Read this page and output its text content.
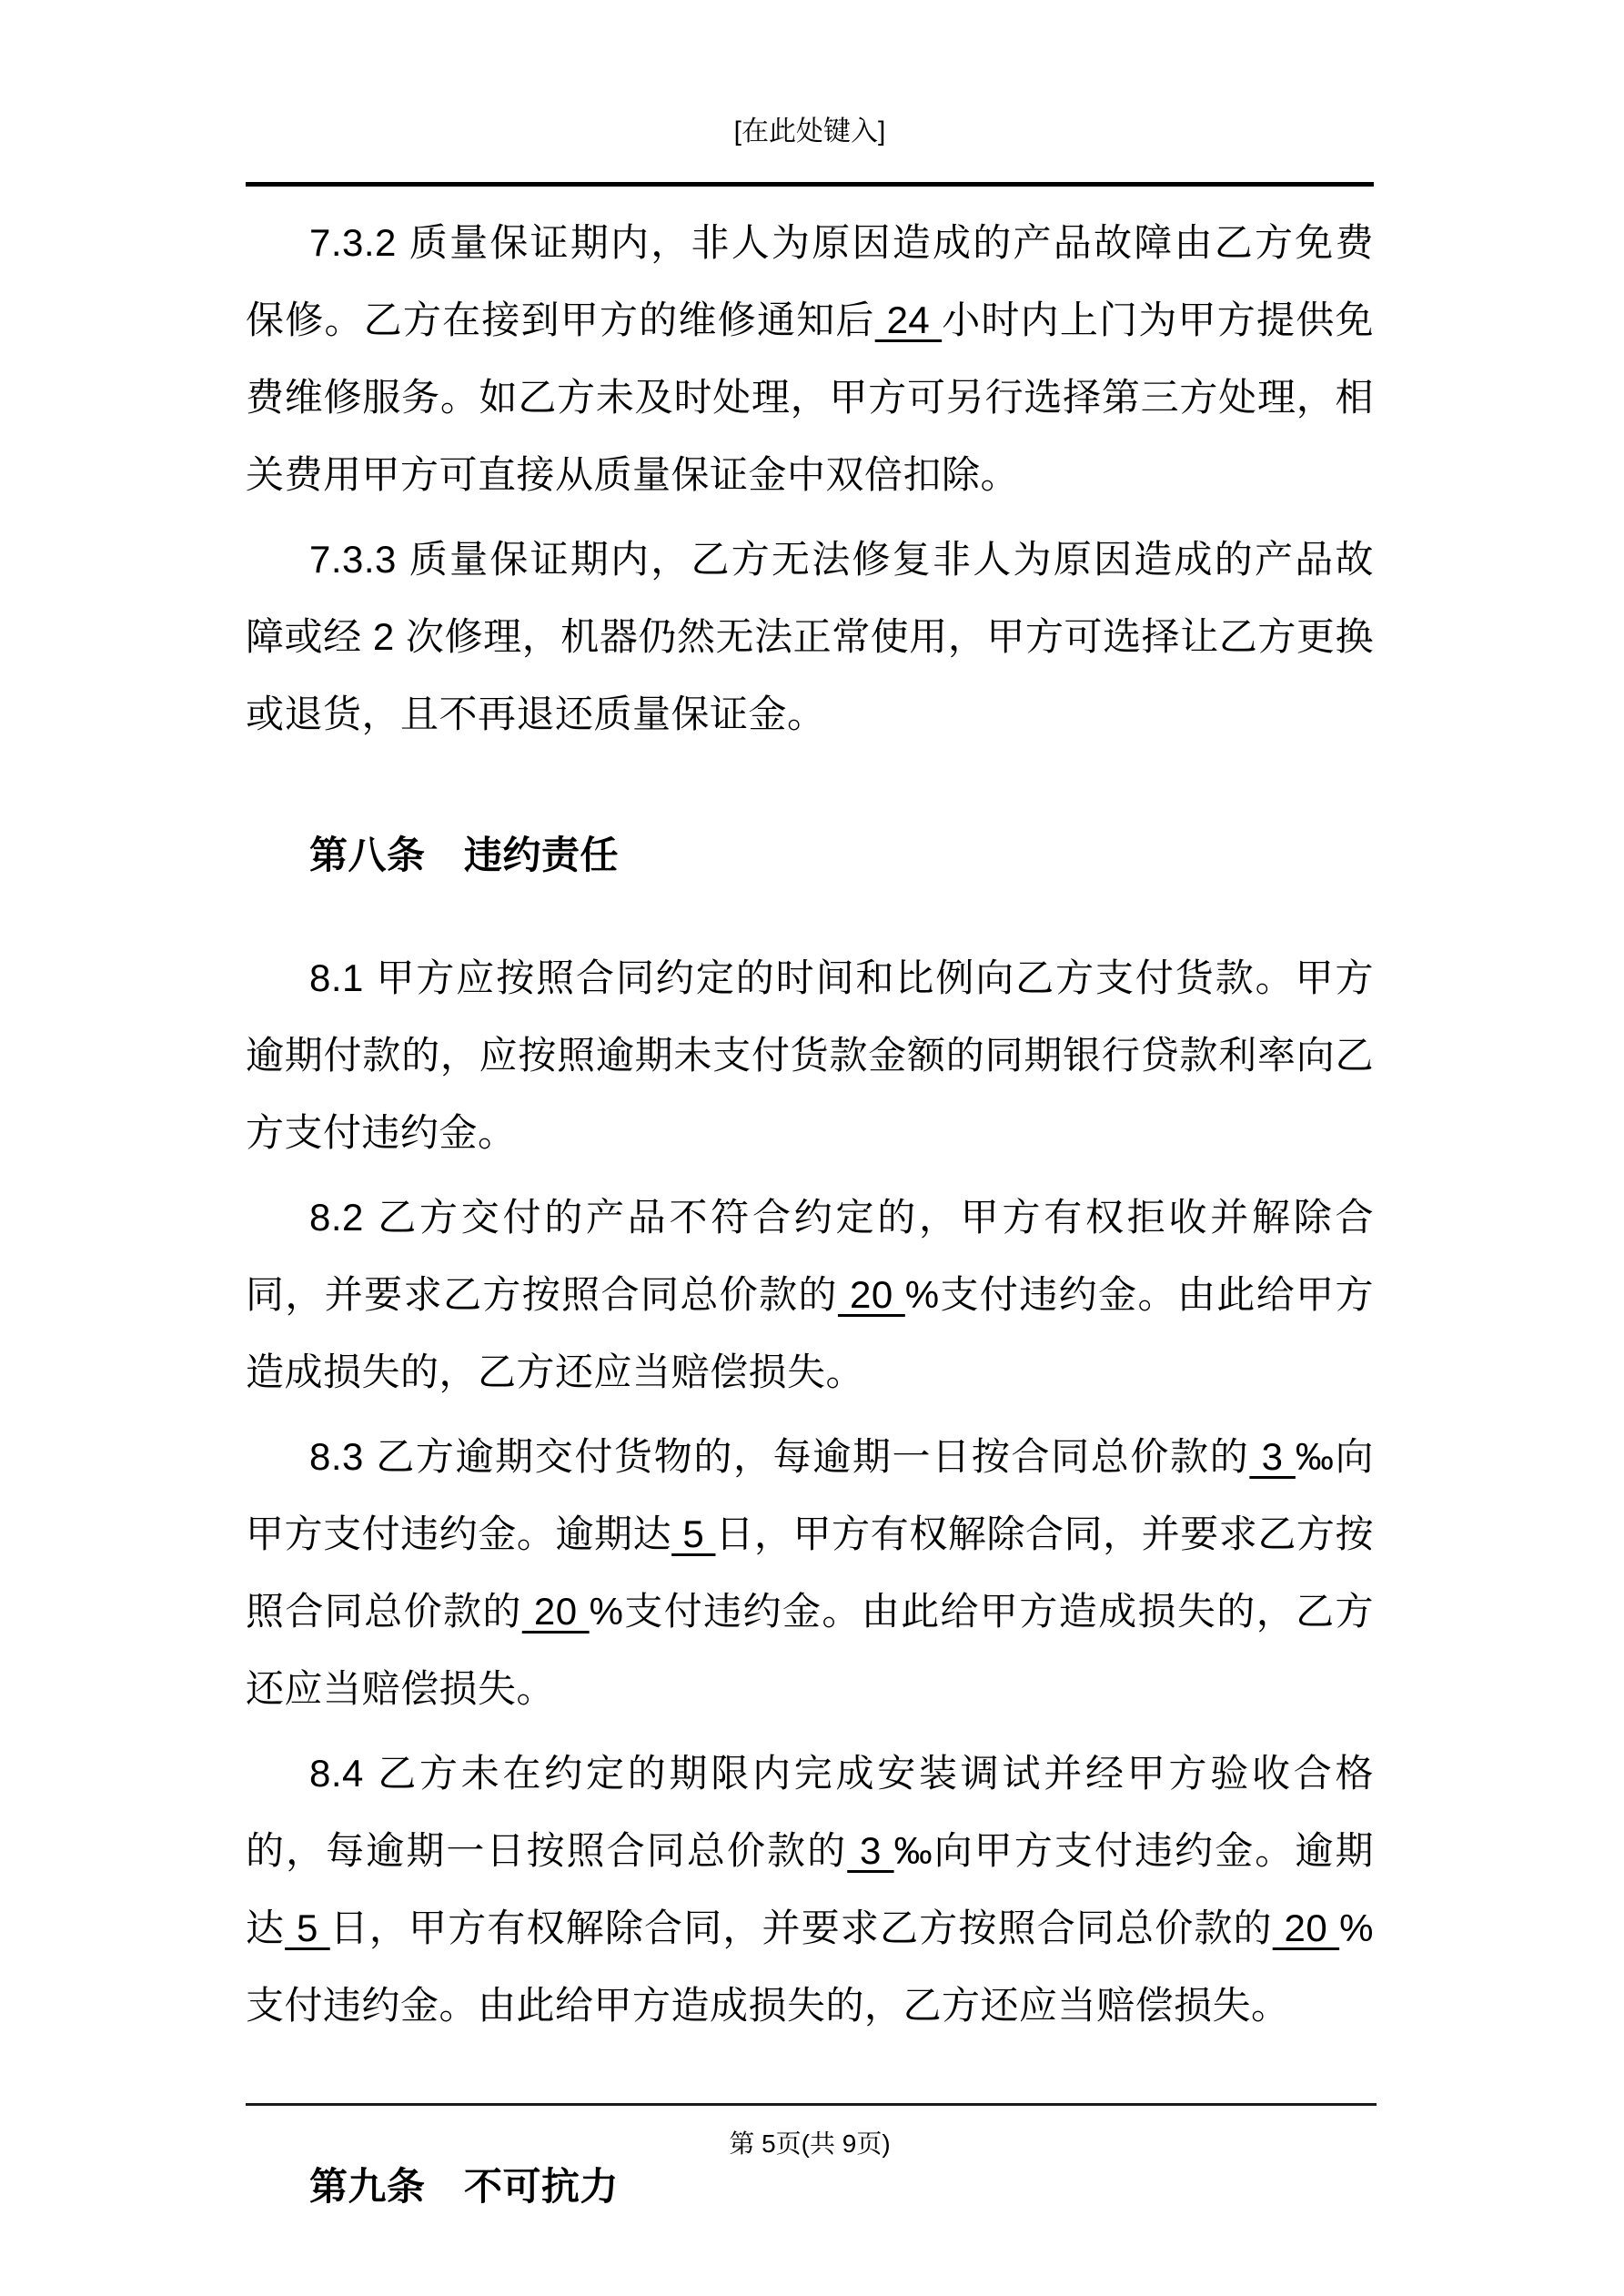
[在此处键入]
7.3.2 质量保证期内，非人为原因造成的产品故障由乙方免费保修。乙方在接到甲方的维修通知后 24 小时内上门为甲方提供免费维修服务。如乙方未及时处理，甲方可另行选择第三方处理，相关费用甲方可直接从质量保证金中双倍扣除。
7.3.3 质量保证期内，乙方无法修复非人为原因造成的产品故障或经 2 次修理，机器仍然无法正常使用，甲方可选择让乙方更换或退货，且不再退还质量保证金。
第八条　违约责任
8.1 甲方应按照合同约定的时间和比例向乙方支付货款。甲方逾期付款的，应按照逾期未支付货款金额的同期银行贷款利率向乙方支付违约金。
8.2 乙方交付的产品不符合约定的，甲方有权拒收并解除合同，并要求乙方按照合同总价款的 20 %支付违约金。由此给甲方造成损失的，乙方还应当赔偿损失。
8.3 乙方逾期交付货物的，每逾期一日按合同总价款的 3 ‰向甲方支付违约金。逾期达 5 日，甲方有权解除合同，并要求乙方按照合同总价款的 20 %支付违约金。由此给甲方造成损失的，乙方还应当赔偿损失。
8.4 乙方未在约定的期限内完成安装调试并经甲方验收合格的，每逾期一日按照合同总价款的 3 ‰向甲方支付违约金。逾期达 5 日，甲方有权解除合同，并要求乙方按照合同总价款的 20 %支付违约金。由此给甲方造成损失的，乙方还应当赔偿损失。
第九条　不可抗力
第 5页(共 9页)
